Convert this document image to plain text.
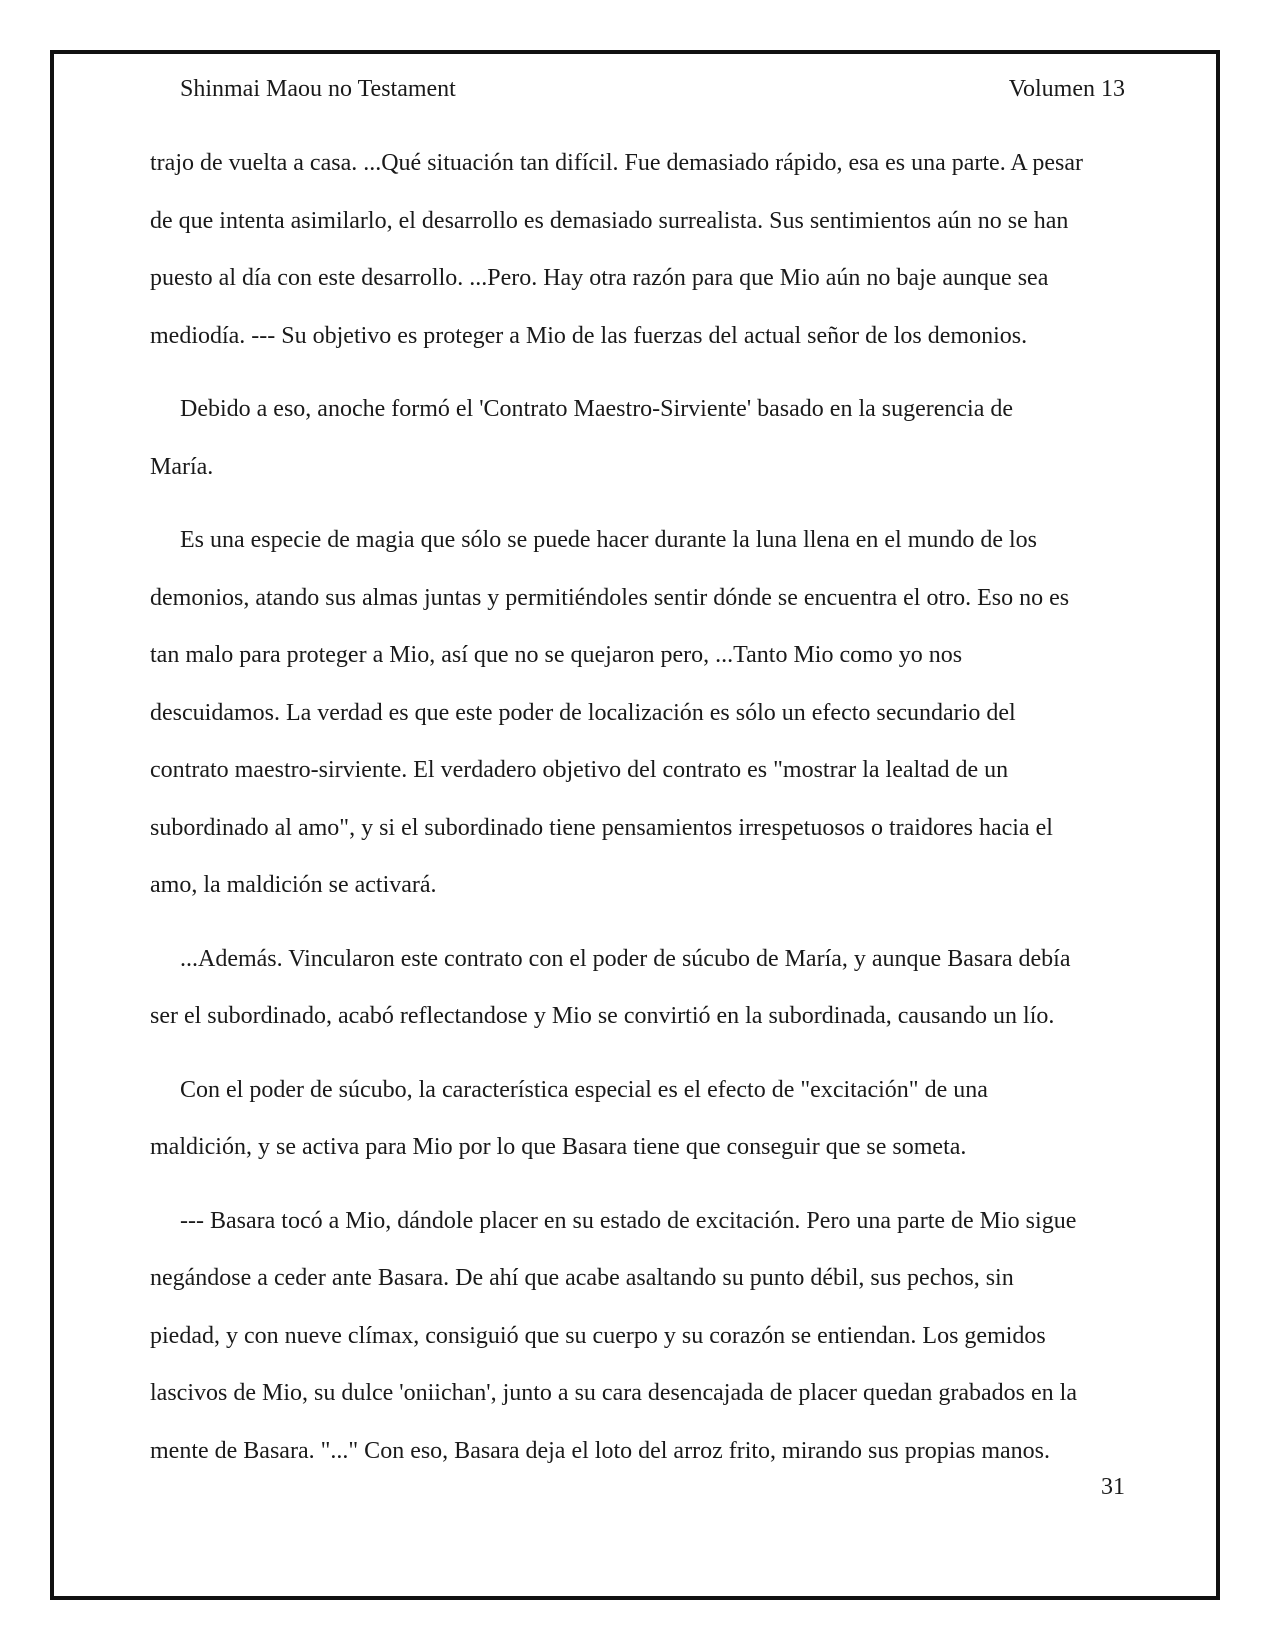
Shinmai Maou no Testament	Volumen 13
trajo de vuelta a casa. ...Qué situación tan difícil. Fue demasiado rápido, esa es una parte. A pesar
de que intenta asimilarlo, el desarrollo es demasiado surrealista. Sus sentimientos aún no se han
puesto al día con este desarrollo. ...Pero. Hay otra razón para que Mio aún no baje aunque sea
mediodía. --- Su objetivo es proteger a Mio de las fuerzas del actual señor de los demonios.
Debido a eso, anoche formó el 'Contrato Maestro-Sirviente' basado en la sugerencia de
María.
Es una especie de magia que sólo se puede hacer durante la luna llena en el mundo de los
demonios, atando sus almas juntas y permitiéndoles sentir dónde se encuentra el otro. Eso no es
tan malo para proteger a Mio, así que no se quejaron pero, ...Tanto Mio como yo nos
descuidamos. La verdad es que este poder de localización es sólo un efecto secundario del
contrato maestro-sirviente. El verdadero objetivo del contrato es "mostrar la lealtad de un
subordinado al amo", y si el subordinado tiene pensamientos irrespetuosos o traidores hacia el
amo, la maldición se activará.
...Además. Vincularon este contrato con el poder de súcubo de María, y aunque Basara debía
ser el subordinado, acabó reflectandose y Mio se convirtió en la subordinada, causando un lío.
Con el poder de súcubo, la característica especial es el efecto de "excitación" de una
maldición, y se activa para Mio por lo que Basara tiene que conseguir que se someta.
--- Basara tocó a Mio, dándole placer en su estado de excitación. Pero una parte de Mio sigue
negándose a ceder ante Basara. De ahí que acabe asaltando su punto débil, sus pechos, sin
piedad, y con nueve clímax, consiguió que su cuerpo y su corazón se entiendan. Los gemidos
lascivos de Mio, su dulce 'oniichan', junto a su cara desencajada de placer quedan grabados en la
mente de Basara. "..." Con eso, Basara deja el loto del arroz frito, mirando sus propias manos.
31
